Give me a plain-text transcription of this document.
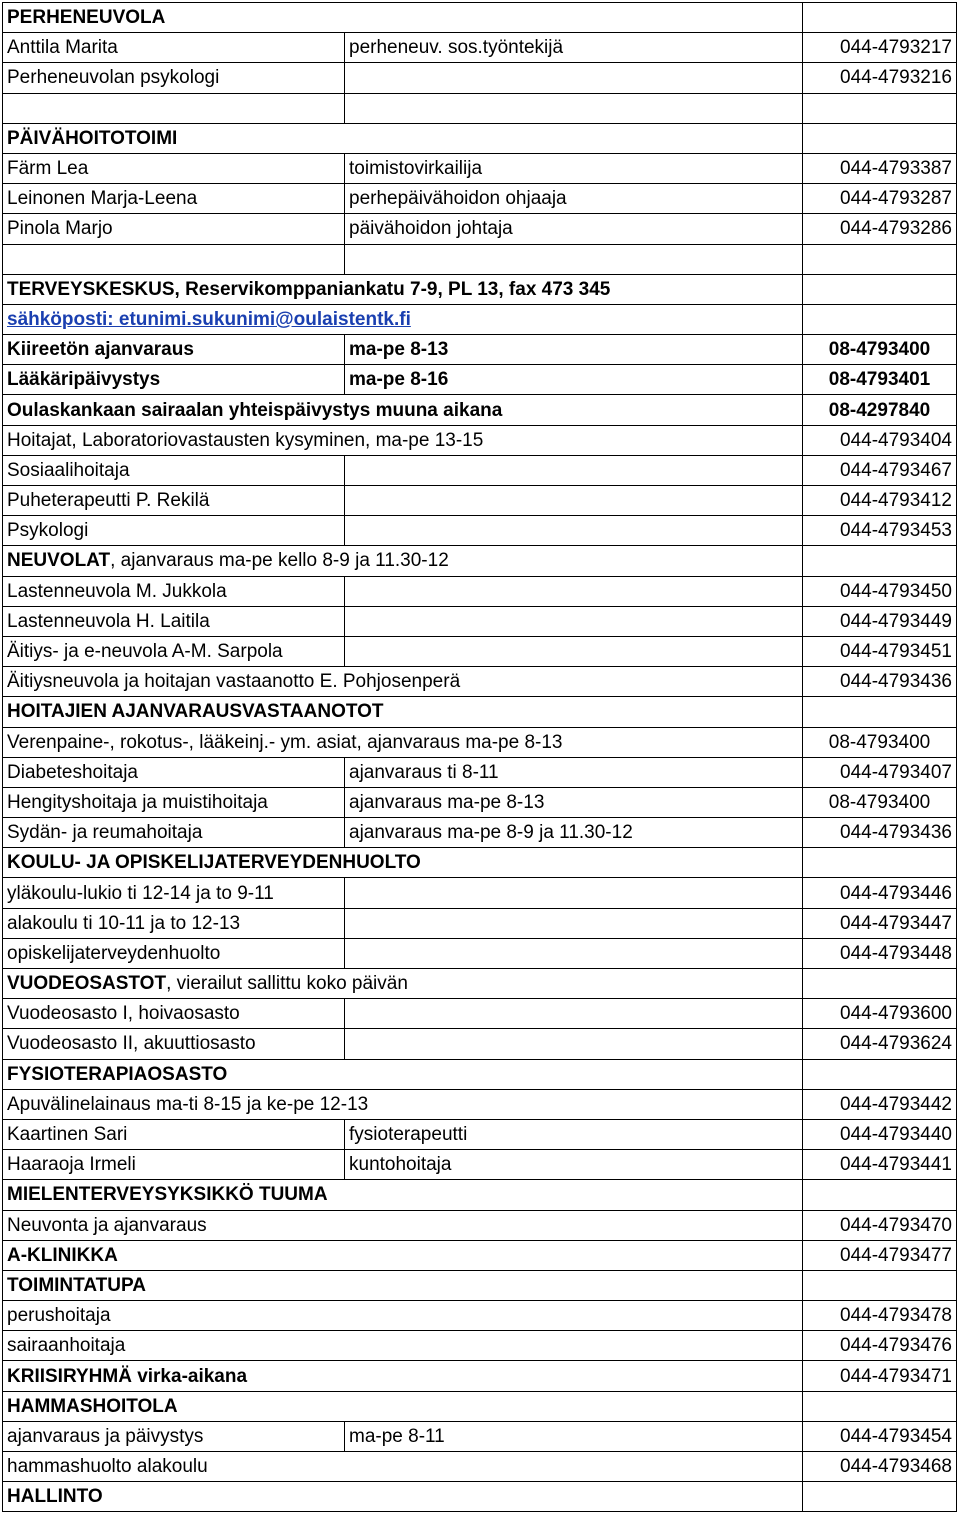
PERHENEUVOLA		
Anttila Marita	perheneuv. sos.työntekijä	044-4793217
Perheneuvolan psykologi		044-4793216

PÄIVÄHOITOTOIMI		
Färm Lea	toimistovirkailija	044-4793387
Leinonen Marja-Leena	perhepäivähoidon ohjaaja	044-4793287
Pinola Marjo	päivähoidon johtaja	044-4793286

TERVEYSKESKUS, Reservikomppaniankatu 7-9, PL 13, fax 473 345		
sähköposti: etunimi.sukunimi@oulaistentk.fi		
Kiireetön ajanvaraus	ma-pe 8-13	08-4793400
Lääkäripäivystys	ma-pe 8-16	08-4793401
Oulaskankaan sairaalan yhteispäivystys muuna aikana		08-4297840
Hoitajat, Laboratoriovastausten kysyminen, ma-pe 13-15		044-4793404
Sosiaalihoitaja		044-4793467
Puheterapeutti P. Rekilä		044-4793412
Psykologi		044-4793453
NEUVOLAT, ajanvaraus ma-pe kello 8-9 ja 11.30-12		
Lastenneuvola M. Jukkola		044-4793450
Lastenneuvola H. Laitila		044-4793449
Äitiys- ja e-neuvola A-M. Sarpola		044-4793451
Äitiysneuvola ja hoitajan vastaanotto E. Pohjosenperä		044-4793436
HOITAJIEN AJANVARAUSVASTAANOTOT		
Verenpaine-, rokotus-, lääkeinj.- ym. asiat, ajanvaraus ma-pe 8-13		08-4793400
Diabeteshoitaja	ajanvaraus ti 8-11	044-4793407
Hengityshoitaja ja muistihoitaja	ajanvaraus ma-pe 8-13	08-4793400
Sydän- ja reumahoitaja	ajanvaraus ma-pe 8-9 ja 11.30-12	044-4793436
KOULU- JA OPISKELIJATERVEYDENHUOLTO		
yläkoulu-lukio ti 12-14 ja to 9-11		044-4793446
alakoulu ti 10-11 ja to 12-13		044-4793447
opiskelijaterveydenhuolto		044-4793448
VUODEOSASTOT, vierailut sallittu koko päivän		
Vuodeosasto I, hoivaosasto		044-4793600
Vuodeosasto II, akuuttiosasto		044-4793624
FYSIOTERAPIAOSASTO		
Apuvälinelainaus ma-ti 8-15 ja ke-pe 12-13		044-4793442
Kaartinen Sari	fysioterapeutti	044-4793440
Haaraoja Irmeli	kuntohoitaja	044-4793441
MIELENTERVEYSYKSIKKÖ TUUMA		
Neuvonta ja ajanvaraus		044-4793470
A-KLINIKKA		044-4793477
TOIMINTATUPA		
perushoitaja		044-4793478
sairaanhoitaja		044-4793476
KRIISIRYHMÄ virka-aikana		044-4793471
HAMMASHOITOLA		
ajanvaraus ja päivystys	ma-pe 8-11	044-4793454
hammashuolto alakoulu		044-4793468
HALLINTO		
